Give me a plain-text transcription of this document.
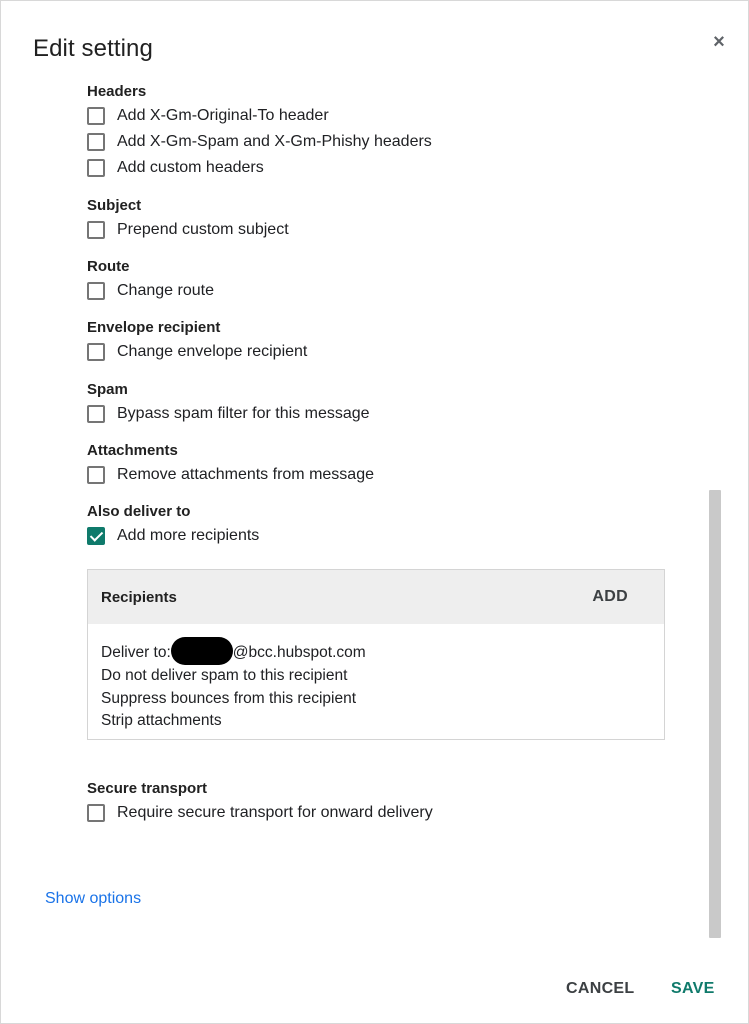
Edit setting	×
Headers
Add X-Gm-Original-To header
Add X-Gm-Spam and X-Gm-Phishy headers
Add custom headers
Subject
Prepend custom subject
Route
Change route
Envelope recipient
Change envelope recipient
Spam
Bypass spam filter for this message
Attachments
Remove attachments from message
Also deliver to
Add more recipients
Recipients	ADD
Deliver to:	@bcc.hubspot.com
Do not deliver spam to this recipient
Suppress bounces from this recipient
Strip attachments
Secure transport
Require secure transport for onward delivery
Show options
CANCEL SAVE
